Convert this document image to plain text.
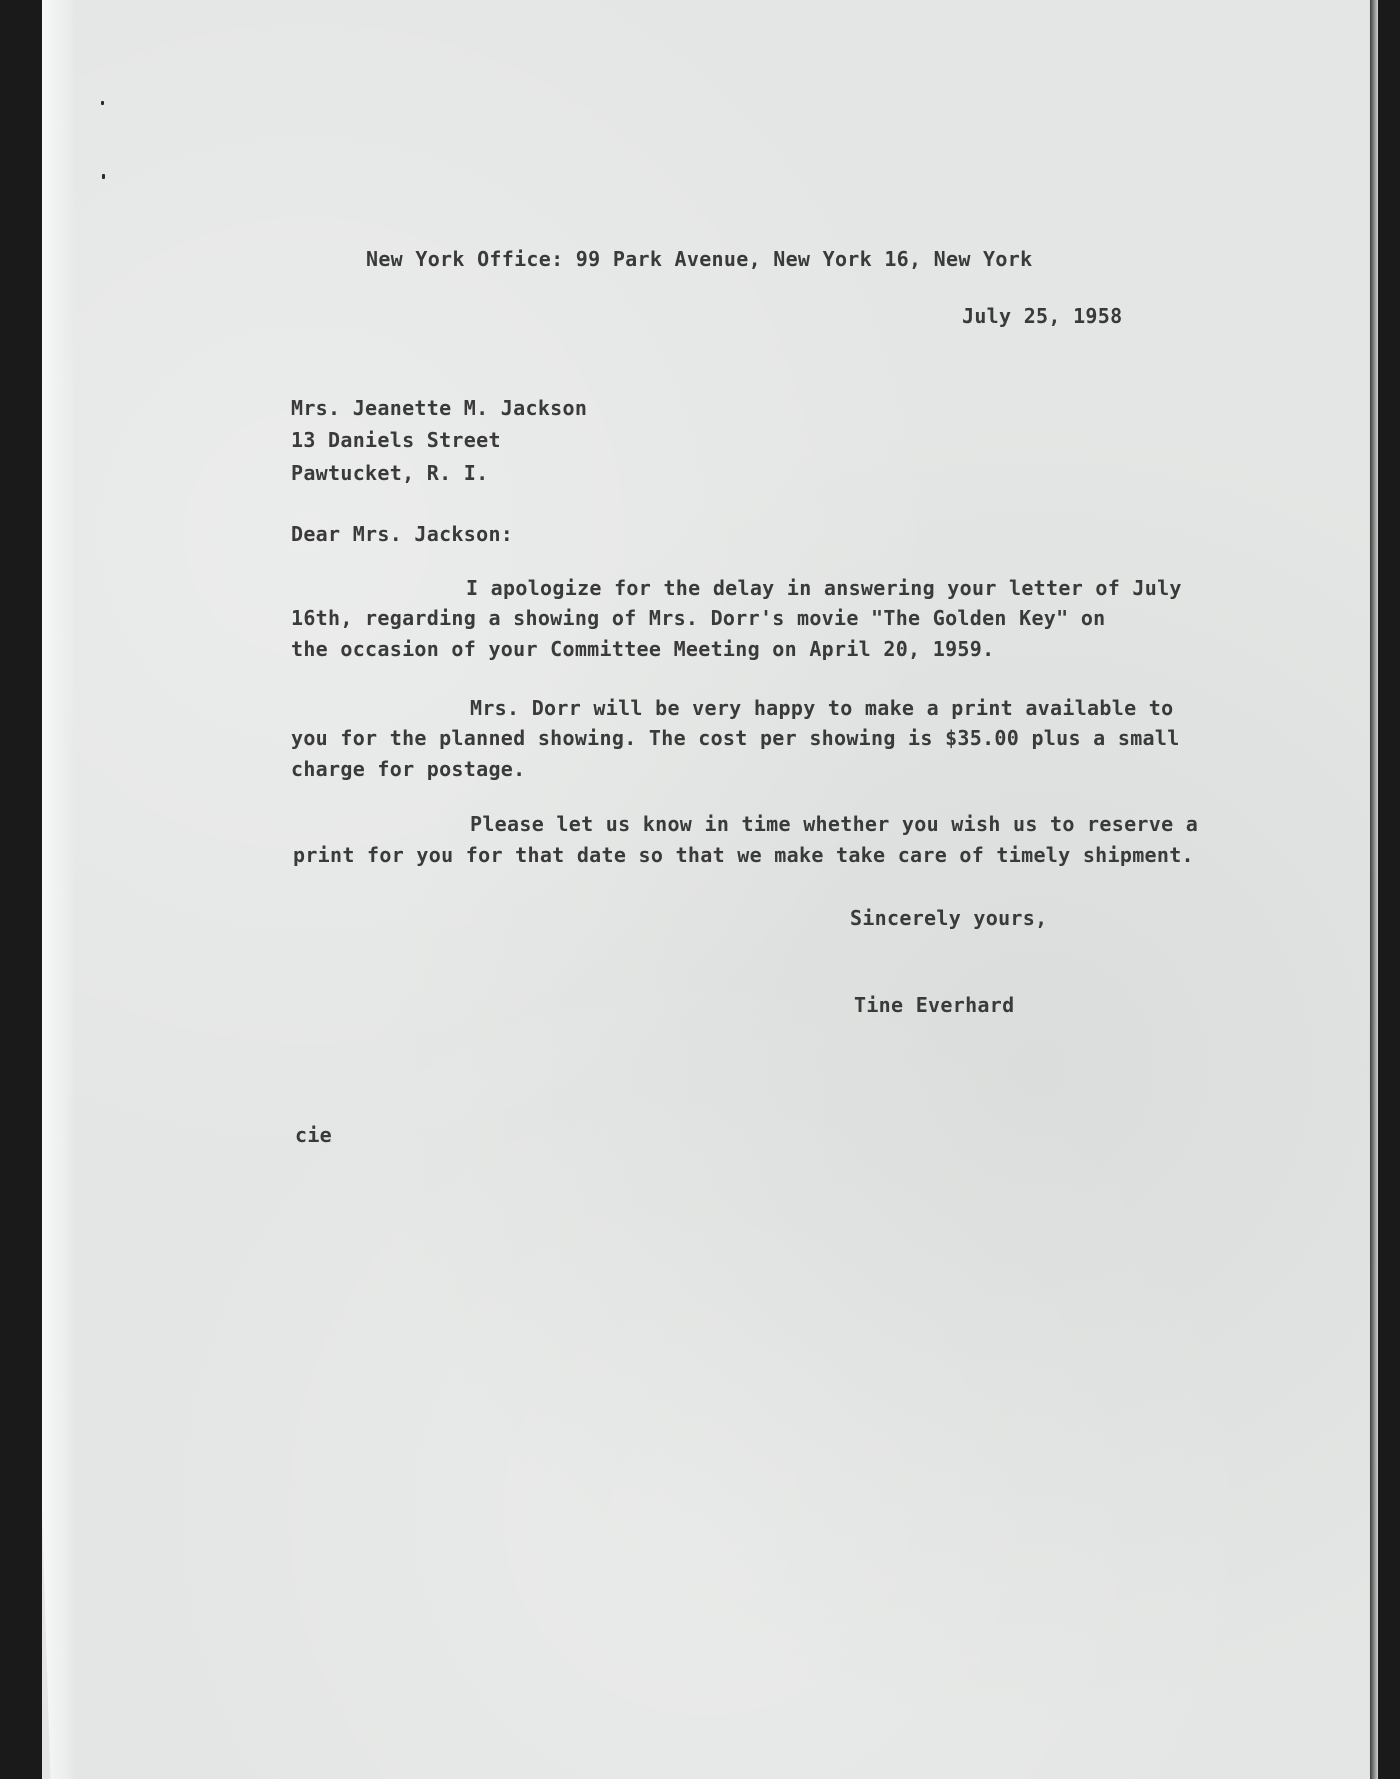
New York Office: 99 Park Avenue, New York 16, New York
July 25, 1958
Mrs. Jeanette M. Jackson
13 Daniels Street
Pawtucket, R. I.
Dear Mrs. Jackson:
I apologize for the delay in answering your letter of July
16th, regarding a showing of Mrs. Dorr's movie "The Golden Key" on
the occasion of your Committee Meeting on April 20, 1959.
Mrs. Dorr will be very happy to make a print available to
you for the planned showing. The cost per showing is $35.00 plus a small
charge for postage.
Please let us know in time whether you wish us to reserve a
print for you for that date so that we make take care of timely shipment.
Sincerely yours,
Tine Everhard
cie
